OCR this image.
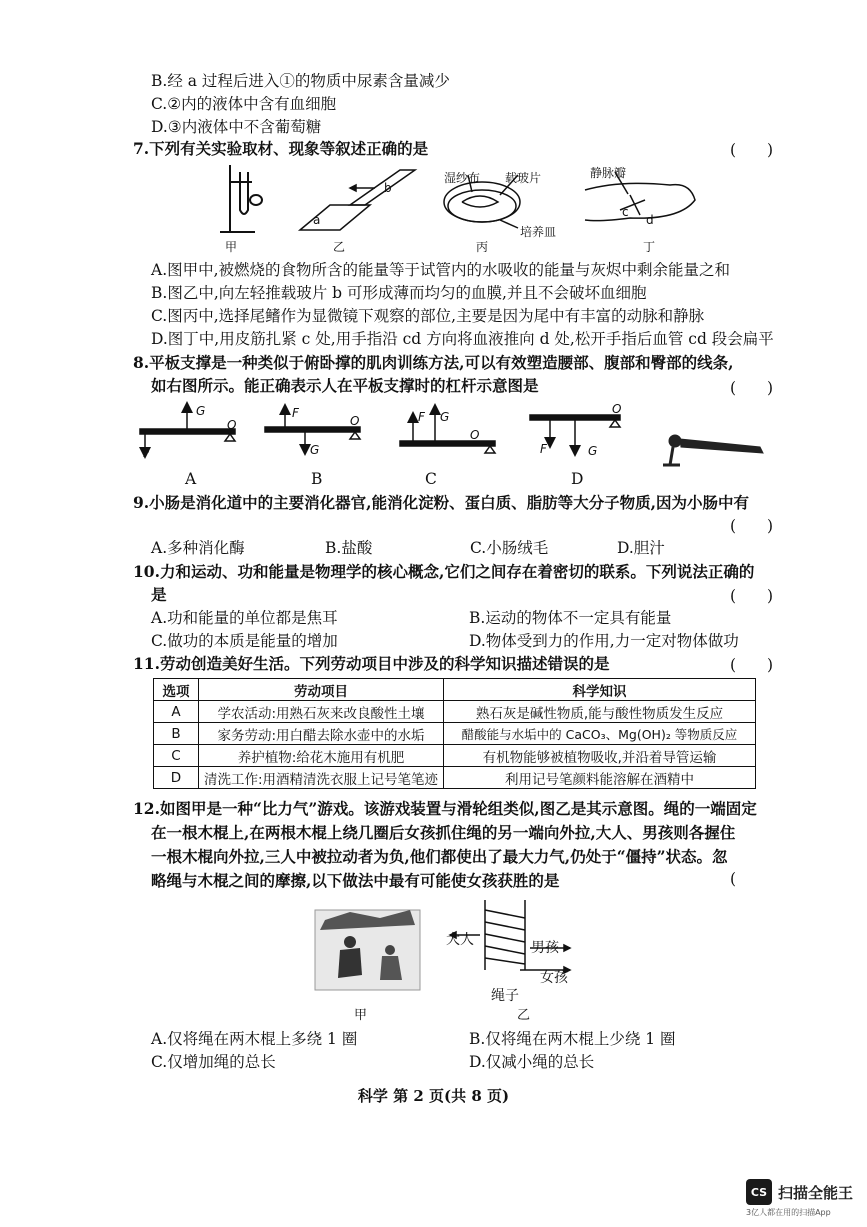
B.经 a 过程后进入①的物质中尿素含量减少
C.②内的液体中含有血细胞
D.③内液体中不含葡萄糖
7.下列有关实验取材、现象等叙述正确的是	(　　)
甲	乙	丙	丁
a
b
湿纱布 载玻片
培养皿
静脉瓣
c
d
A.图甲中,被燃烧的食物所含的能量等于试管内的水吸收的能量与灰烬中剩余能量之和
B.图乙中,向左轻推载玻片 b 可形成薄而均匀的血膜,并且不会破坏血细胞
C.图丙中,选择尾鳍作为显微镜下观察的部位,主要是因为尾中有丰富的动脉和静脉
D.图丁中,用皮筋扎紧 c 处,用手指沿 cd 方向将血液推向 d 处,松开手指后血管 cd 段会扁平
8.平板支撑是一种类似于俯卧撑的肌肉训练方法,可以有效塑造腰部、腹部和臀部的线条,
如右图所示。能正确表示人在平板支撑时的杠杆示意图是	(　　)
G
O
F
F
O
G
F G
O
O
F	G
A	B	C	D
9.小肠是消化道中的主要消化器官,能消化淀粉、蛋白质、脂肪等大分子物质,因为小肠中有
(　　)
A.多种消化酶	B.盐酸	C.小肠绒毛	D.胆汁
10.力和运动、功和能量是物理学的核心概念,它们之间存在着密切的联系。下列说法正确的
是	(　　)
A.功和能量的单位都是焦耳	B.运动的物体不一定具有能量
C.做功的本质是能量的增加	D.物体受到力的作用,力一定对物体做功
11.劳动创造美好生活。下列劳动项目中涉及的科学知识描述错误的是	(　　)
选项	劳动项目	科学知识
A	学农活动:用熟石灰来改良酸性土壤	熟石灰是碱性物质,能与酸性物质发生反应
B	家务劳动:用白醋去除水壶中的水垢	醋酸能与水垢中的 CaCO₃、Mg(OH)₂ 等物质反应
C	养护植物:给花木施用有机肥	有机物能够被植物吸收,并沿着导管运输
D	清洗工作:用酒精清洗衣服上记号笔笔迹	利用记号笔颜料能溶解在酒精中
12.如图甲是一种“比力气”游戏。该游戏装置与滑轮组类似,图乙是其示意图。绳的一端固定
在一根木棍上,在两根木棍上绕几圈后女孩抓住绳的另一端向外拉,大人、男孩则各握住
一根木棍向外拉,三人中被拉动者为负,他们都使出了最大力气,仍处于“僵持”状态。忽
略绳与木棍之间的摩擦,以下做法中最有可能使女孩获胜的是	(
大人	男孩
女孩
绳子
甲	乙
A.仅将绳在两木棍上多绕 1 圈	B.仅将绳在两木棍上少绕 1 圈
C.仅增加绳的总长	D.仅减小绳的总长
科学 第 2 页(共 8 页)
CS 扫描全能王
3亿人都在用的扫描App
